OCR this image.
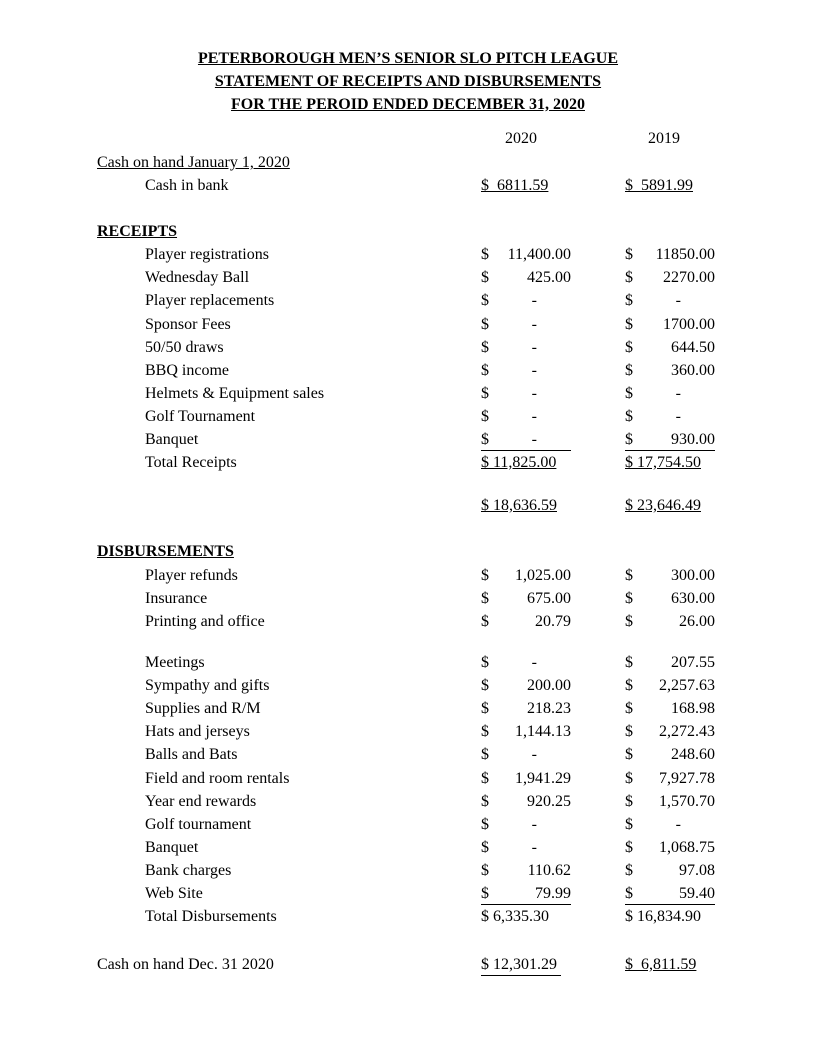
PETERBOROUGH MEN’S SENIOR SLO PITCH LEAGUE
STATEMENT OF RECEIPTS AND DISBURSEMENTS
FOR THE PEROID ENDED DECEMBER 31, 2020
2020	2019
Cash on hand January 1, 2020
Cash in bank	$  6811.59	$  5891.99
RECEIPTS
Player registrations	$ 11,400.00	$ 11850.00
Wednesday Ball	$ 425.00	$ 2270.00
Player replacements	$	-	$	-
Sponsor Fees	$	-	$ 1700.00
50/50 draws	$	-	$ 644.50
BBQ income	$	-	$ 360.00
Helmets & Equipment sales	$	-	$	-
Golf Tournament	$	-	$	-
Banquet	$	-	$ 930.00
Total Receipts	$ 11,825.00	$ 17,754.50
$ 18,636.59	$ 23,646.49
DISBURSEMENTS
Player refunds	$ 1,025.00	$ 300.00
Insurance	$ 675.00	$ 630.00
Printing and office	$	20.79	$	26.00
Meetings	$	-	$ 207.55
Sympathy and gifts	$ 200.00	$ 2,257.63
Supplies and R/M	$ 218.23	$ 168.98
Hats and jerseys	$ 1,144.13	$ 2,272.43
Balls and Bats	$	-	$ 248.60
Field and room rentals	$ 1,941.29	$ 7,927.78
Year end rewards	$ 920.25	$ 1,570.70
Golf tournament	$	-	$	-
Banquet	$	-	$ 1,068.75
Bank charges	$ 110.62	$	97.08
Web Site	$	79.99	$	59.40
Total Disbursements	$ 6,335.30	$ 16,834.90
Cash on hand Dec. 31 2020	$ 12,301.29	$  6,811.59
